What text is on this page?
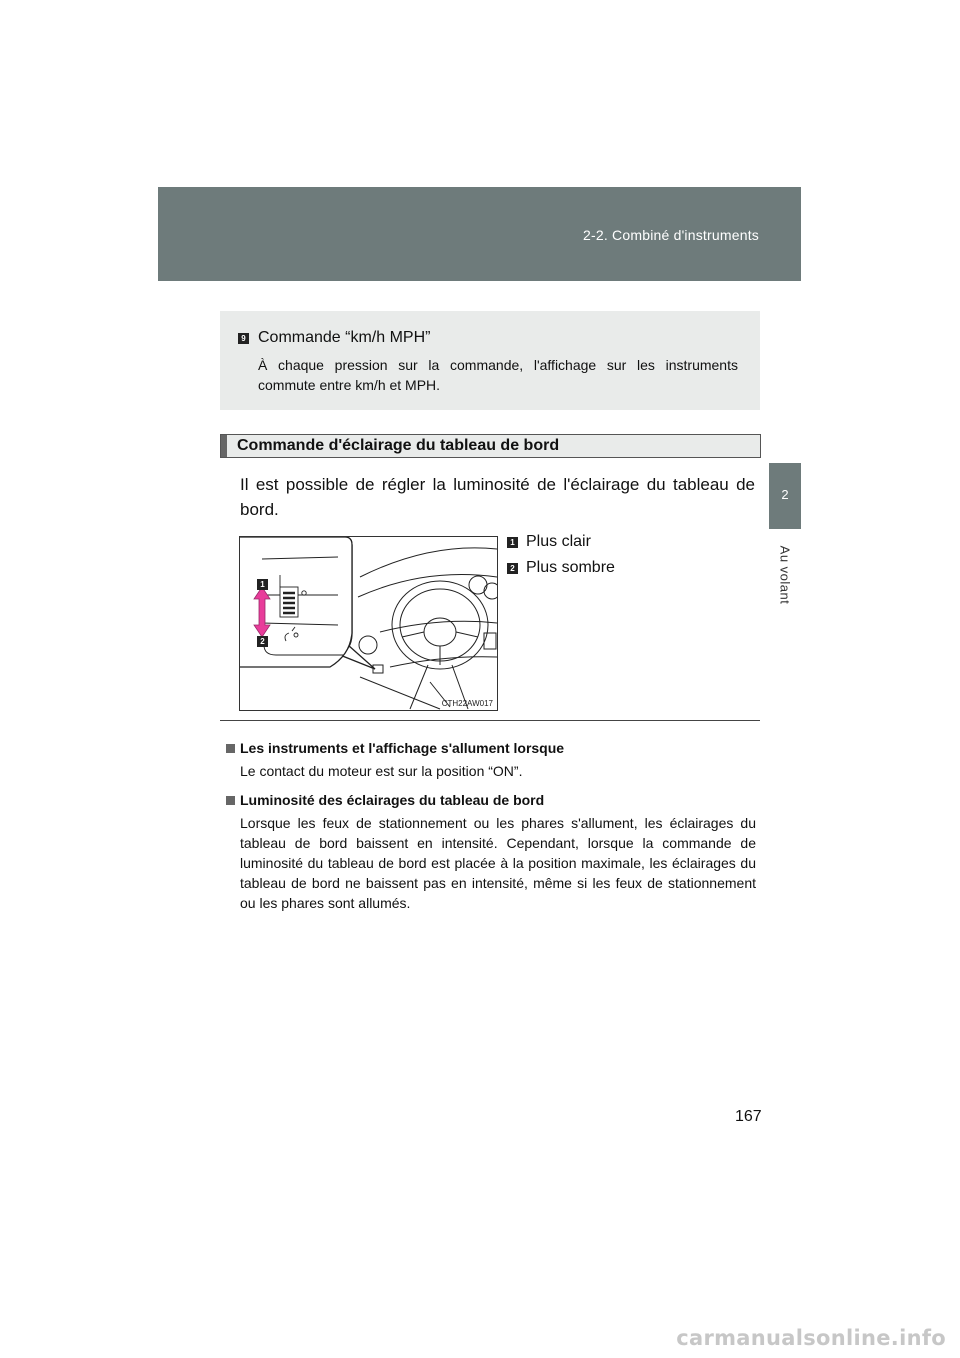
2-2. Combiné d'instruments
2
Au volant
9 Commande “km/h MPH”
À chaque pression sur la commande, l'affichage sur les instruments commute entre km/h et MPH.
Commande d'éclairage du tableau de bord
Il est possible de régler la luminosité de l'éclairage du tableau de bord.
1
2
CTH22AW017
1 Plus clair
2 Plus sombre
Les instruments et l'affichage s'allument lorsque
Le contact du moteur est sur la position “ON”.
Luminosité des éclairages du tableau de bord
Lorsque les feux de stationnement ou les phares s'allument, les éclairages du tableau de bord baissent en intensité. Cependant, lorsque la commande de luminosité du tableau de bord est placée à la position maximale, les éclairages du tableau de bord ne baissent pas en intensité, même si les feux de stationnement ou les phares sont allumés.
167
carmanualsonline.info
